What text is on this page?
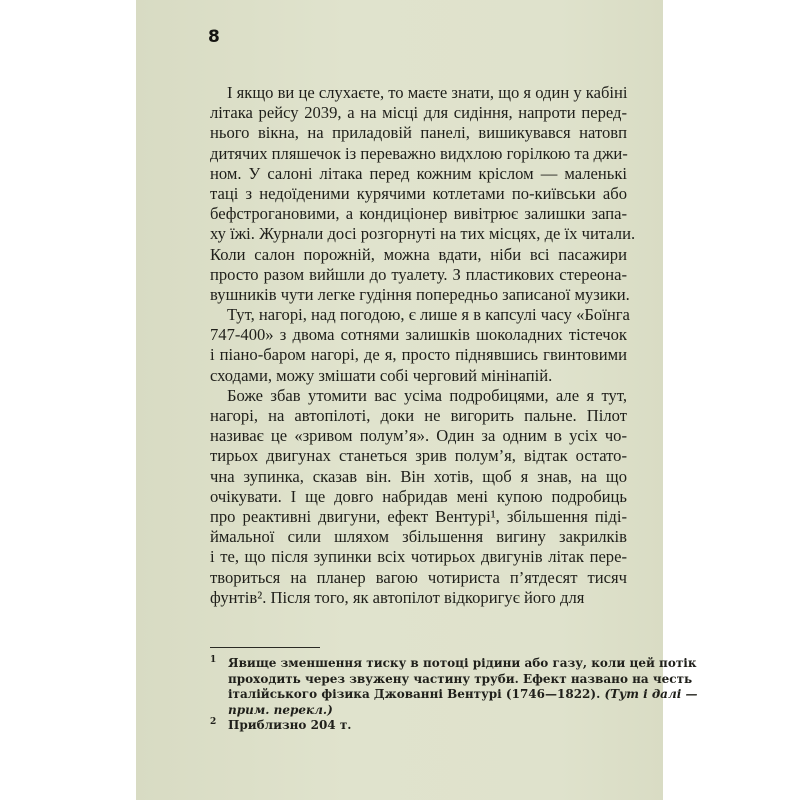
8
І якщо ви це слухаєте, то маєте знати, що я один у кабіні
літака рейсу 2039, а на місці для сидіння, напроти перед-
нього вікна, на приладовій панелі, вишикувався натовп
дитячих пляшечок із переважно видхлою горілкою та джи-
ном. У салоні літака перед кожним кріслом — маленькі
таці з недоїденими курячими котлетами по-київськи або
бефстрогановими, а кондиціонер вивітрює залишки запа-
ху їжі. Журнали досі розгорнуті на тих місцях, де їх читали.
Коли салон порожній, можна вдати, ніби всі пасажири
просто разом вийшли до туалету. З пластикових стереона-
вушників чути легке гудіння попередньо записаної музики.
Тут, нагорі, над погодою, є лише я в капсулі часу «Боїнга
747-400» з двома сотнями залишків шоколадних тістечок
і піано-баром нагорі, де я, просто піднявшись гвинтовими
сходами, можу змішати собі черговий мінінапій.
Боже збав утомити вас усіма подробицями, але я тут,
нагорі, на автопілоті, доки не вигорить пальне. Пілот
називає це «зривом полум’я». Один за одним в усіх чо-
тирьох двигунах станеться зрив полум’я, відтак остато-
чна зупинка, сказав він. Він хотів, щоб я знав, на що
очікувати. І ще довго набридав мені купою подробиць
про реактивні двигуни, ефект Вентурі¹, збільшення піді-
ймальної сили шляхом збільшення вигину закрилків
і те, що після зупинки всіх чотирьох двигунів літак пере-
твориться на планер вагою чотириста п’ятдесят тисяч
фунтів². Після того, як автопілот відкоригує його для
1 Явище зменшення тиску в потоці рідини або газу, коли цей потік
проходить через звужену частину труби. Ефект названо на честь
італійського фізика Джованні Вентурі (1746—1822). (Тут і далі —
прим. перекл.)
2 Приблизно 204 т.
